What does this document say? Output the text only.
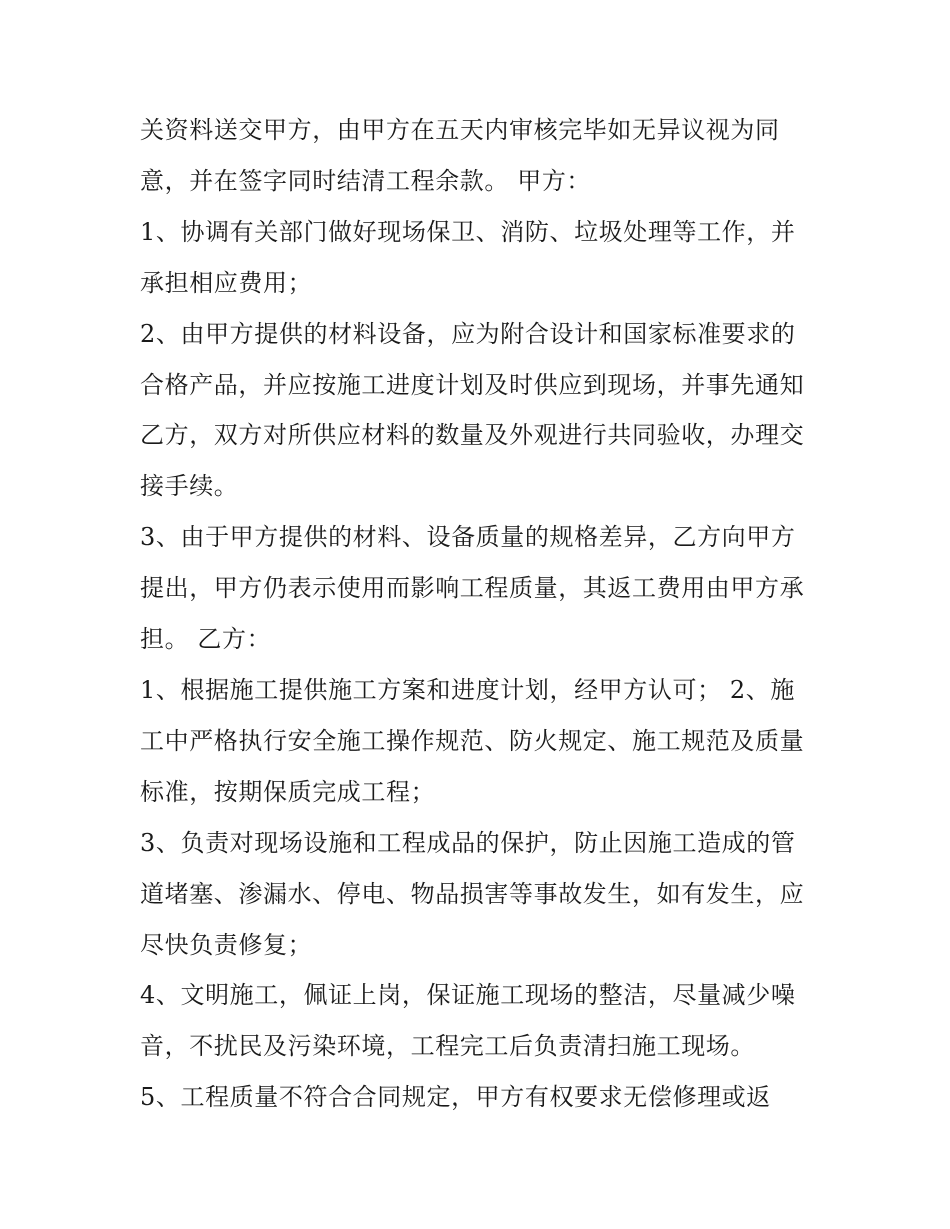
关资料送交甲方，由甲方在五天内审核完毕如无异议视为同

意，并在签字同时结清工程余款。 甲方：

1、协调有关部门做好现场保卫、消防、垃圾处理等工作，并

承担相应费用；

2、由甲方提供的材料设备，应为附合设计和国家标准要求的

合格产品，并应按施工进度计划及时供应到现场，并事先通知

乙方，双方对所供应材料的数量及外观进行共同验收，办理交

接手续。

3、由于甲方提供的材料、设备质量的规格差异，乙方向甲方

提出，甲方仍表示使用而影响工程质量，其返工费用由甲方承

担。 乙方：

1、根据施工提供施工方案和进度计划，经甲方认可； 2、施

工中严格执行安全施工操作规范、防火规定、施工规范及质量

标准，按期保质完成工程；

3、负责对现场设施和工程成品的保护，防止因施工造成的管

道堵塞、渗漏水、停电、物品损害等事故发生，如有发生，应

尽快负责修复；

4、文明施工，佩证上岗，保证施工现场的整洁，尽量减少噪

音，不扰民及污染环境，工程完工后负责清扫施工现场。

5、工程质量不符合合同规定，甲方有权要求无偿修理或返
